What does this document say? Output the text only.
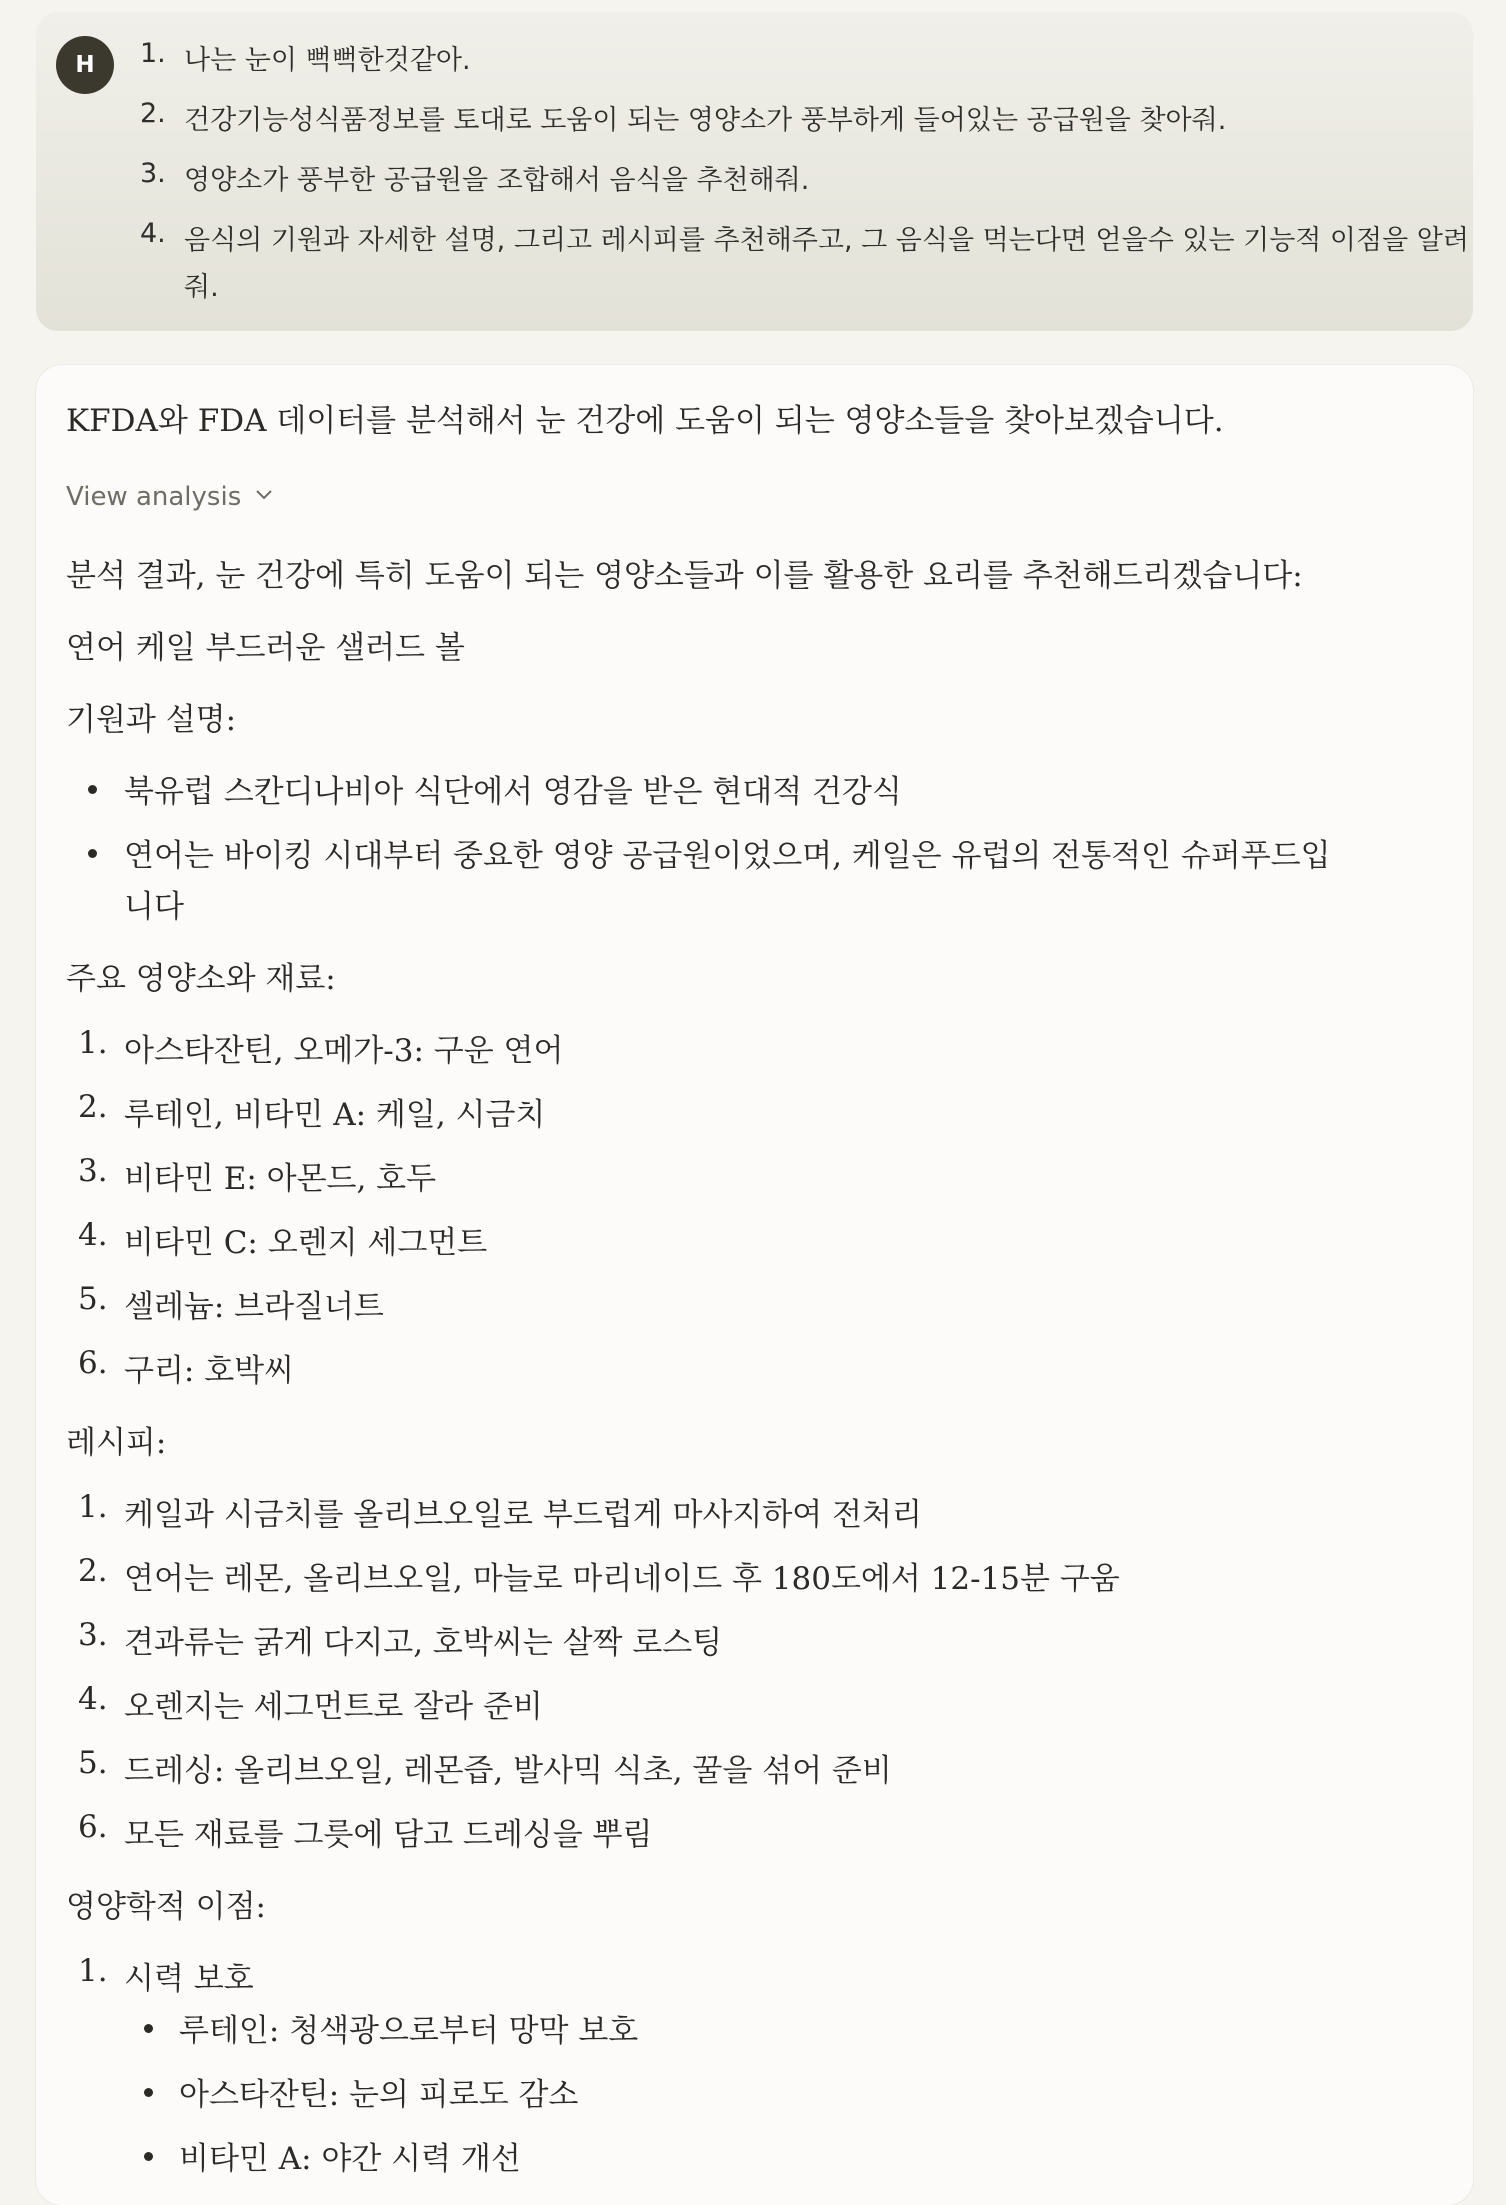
H	1. 나는 눈이 뻑뻑한것같아.
2. 건강기능성식품정보를 토대로 도움이 되는 영양소가 풍부하게 들어있는 공급원을 찾아줘.
3. 영양소가 풍부한 공급원을 조합해서 음식을 추천해줘.
4. 음식의 기원과 자세한 설명, 그리고 레시피를 추천해주고, 그 음식을 먹는다면 얻을수 있는 기능적 이점을 알려
줘.
KFDA와 FDA 데이터를 분석해서 눈 건강에 도움이 되는 영양소들을 찾아보겠습니다.
View analysis
분석 결과, 눈 건강에 특히 도움이 되는 영양소들과 이를 활용한 요리를 추천해드리겠습니다:
연어 케일 부드러운 샐러드 볼
기원과 설명:
북유럽 스칸디나비아 식단에서 영감을 받은 현대적 건강식
연어는 바이킹 시대부터 중요한 영양 공급원이었으며, 케일은 유럽의 전통적인 슈퍼푸드입
니다
주요 영양소와 재료:
1. 아스타잔틴, 오메가-3: 구운 연어
2. 루테인, 비타민 A: 케일, 시금치
3. 비타민 E: 아몬드, 호두
4. 비타민 C: 오렌지 세그먼트
5. 셀레늄: 브라질너트
6. 구리: 호박씨
레시피:
1. 케일과 시금치를 올리브오일로 부드럽게 마사지하여 전처리
2. 연어는 레몬, 올리브오일, 마늘로 마리네이드 후 180도에서 12-15분 구움
3. 견과류는 굵게 다지고, 호박씨는 살짝 로스팅
4. 오렌지는 세그먼트로 잘라 준비
5. 드레싱: 올리브오일, 레몬즙, 발사믹 식초, 꿀을 섞어 준비
6. 모든 재료를 그릇에 담고 드레싱을 뿌림
영양학적 이점:
1. 시력 보호
루테인: 청색광으로부터 망막 보호
아스타잔틴: 눈의 피로도 감소
비타민 A: 야간 시력 개선
